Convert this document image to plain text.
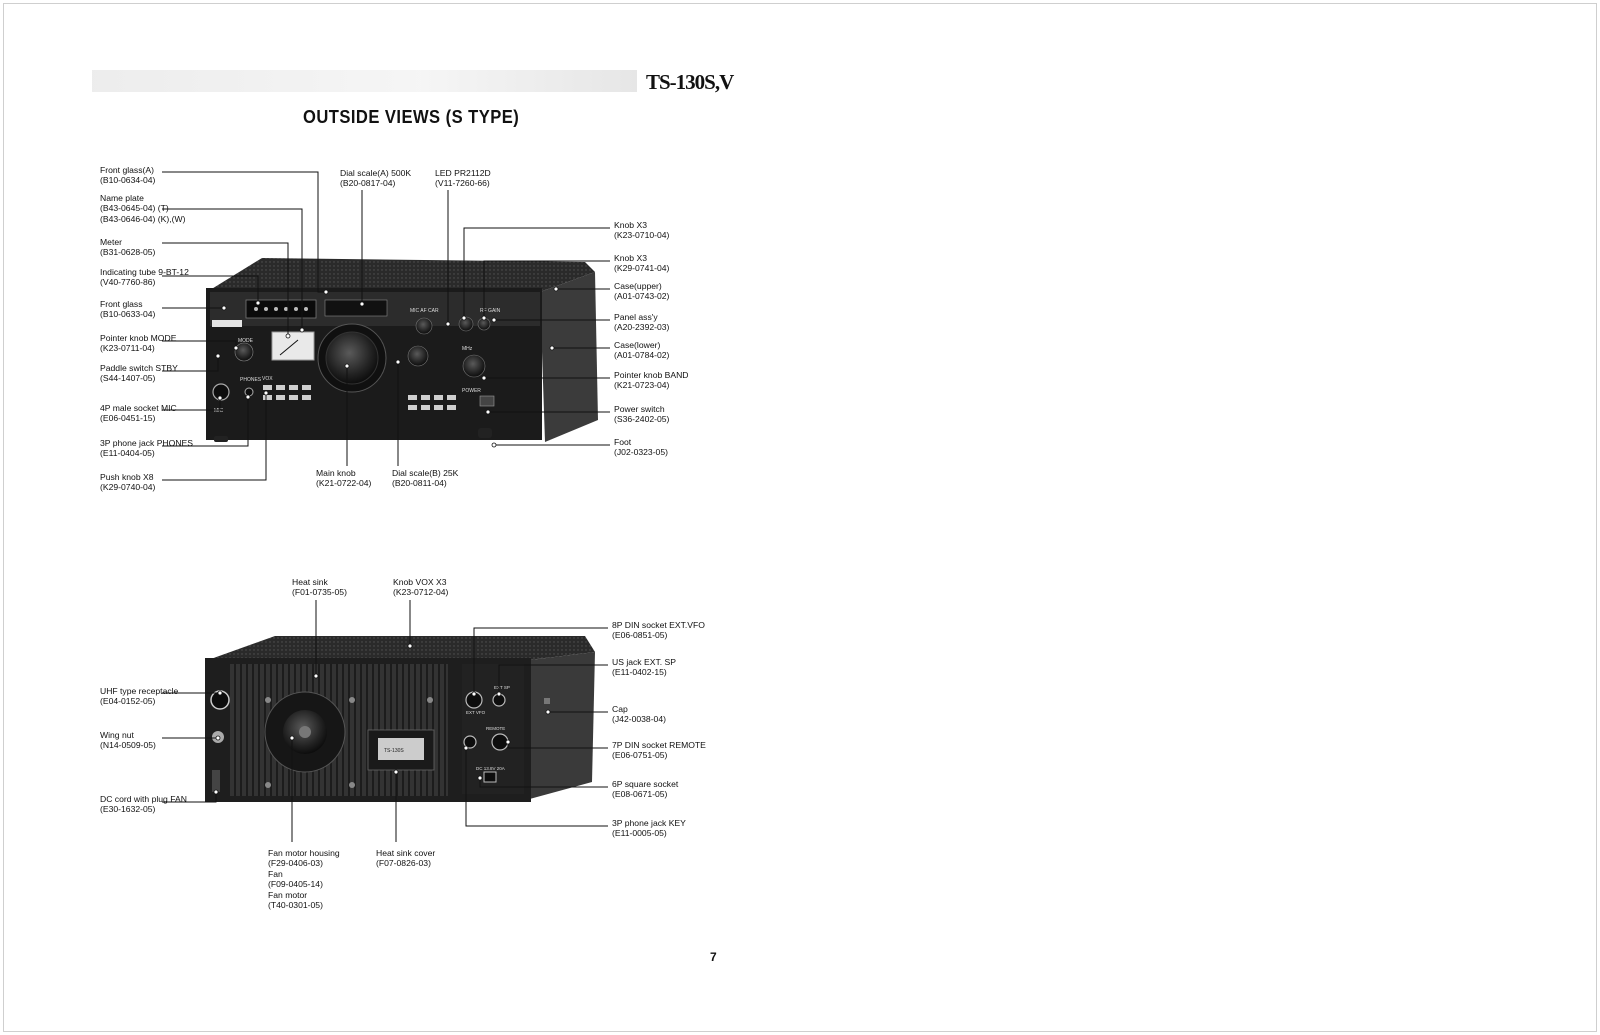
TS-130S,V
OUTSIDE VIEWS (S TYPE)
MODE
MIC AF CAR	RF GAIN
MHz
VOX
POWER
MIC
PHONES
TS-130S
EXT VFO
EXT SP
REMOTE
DC 13.8V 20A
Front glass(A)
(B10-0634-04)
Name plate
(B43-0645-04) (T)
(B43-0646-04) (K),(W)
Meter
(B31-0628-05)
Indicating tube 9-BT-12
(V40-7760-86)
Front glass
(B10-0633-04)
Pointer knob MODE
(K23-0711-04)
Paddle switch STBY
(S44-1407-05)
4P male socket MIC
(E06-0451-15)
3P phone jack PHONES
(E11-0404-05)
Push knob X8
(K29-0740-04)
Dial scale(A) 500K
(B20-0817-04)
LED PR2112D
(V11-7260-66)
Knob X3
(K23-0710-04)
Knob X3
(K29-0741-04)
Case(upper)
(A01-0743-02)
Panel ass'y
(A20-2392-03)
Case(lower)
(A01-0784-02)
Pointer knob BAND
(K21-0723-04)
Power switch
(S36-2402-05)
Foot
(J02-0323-05)
Main knob
(K21-0722-04)
Dial scale(B) 25K
(B20-0811-04)
Heat sink
(F01-0735-05)
Knob VOX X3
(K23-0712-04)
UHF type receptacle
(E04-0152-05)
Wing nut
(N14-0509-05)
DC cord with plug FAN
(E30-1632-05)
8P DIN socket EXT.VFO
(E06-0851-05)
US jack EXT. SP
(E11-0402-15)
Cap
(J42-0038-04)
7P DIN socket REMOTE
(E06-0751-05)
6P square socket
(E08-0671-05)
3P phone jack KEY
(E11-0005-05)
Fan motor housing
(F29-0406-03)
Fan
(F09-0405-14)
Fan motor
(T40-0301-05)
Heat sink cover
(F07-0826-03)
7
